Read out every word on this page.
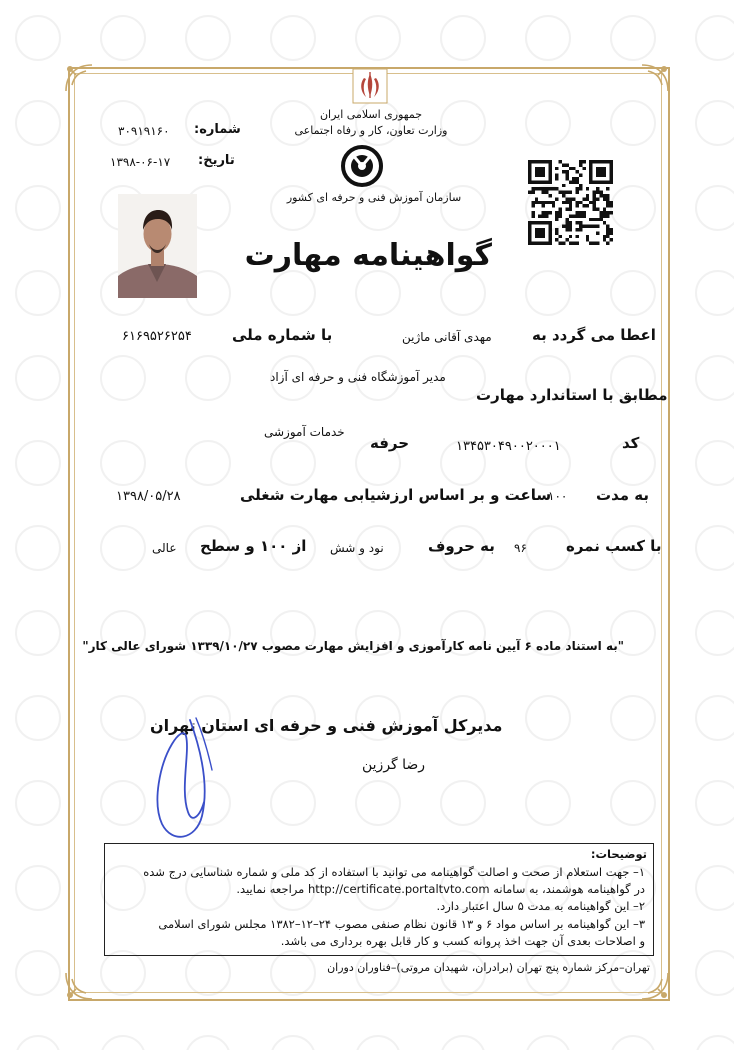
جمهوری اسلامی ایران
وزارت تعاون، کار و رفاه اجتماعی
سازمان آموزش فنی و حرفه ای کشور
شماره:
۳۰۹۱۹۱۶۰
تاریخ:
۱۳۹۸-۰۶-۱۷
گواهینامه مهارت
اعطا می گردد به
مهدی آقانی ماژین
با شماره ملی
۶۱۶۹۵۲۶۲۵۴
مطابق با استاندارد مهارت
مدیر آموزشگاه فنی و حرفه ای آزاد
کد
۱۳۴۵۳۰۴۹۰۰۲۰۰۰۱
حرفه
خدمات آموزشی
به مدت
۱۰۰
ساعت و بر اساس ارزشیابی مهارت شغلی
۱۳۹۸/۰۵/۲۸
با کسب نمره
۹۶
به حروف
نود و شش
از ۱۰۰ و سطح
عالی
"به استناد ماده ۶ آیین نامه کارآموزی و افزایش مهارت مصوب ۱۳۳۹/۱۰/۲۷ شورای عالی کار"
مدیرکل آموزش فنی و حرفه ای استان تهران
رضا گرزین
توضیحات:
۱– جهت استعلام از صحت و اصالت گواهینامه می توانید با استفاده از کد ملی و شماره شناسایی درج شده
در گواهینامه هوشمند، به سامانه http://certificate.portaltvto.com مراجعه نمایید.
۲– این گواهینامه به مدت ۵ سال اعتبار دارد.
۳– این گواهینامه بر اساس مواد ۶ و ۱۳ قانون نظام صنفی مصوب ۲۴–۱۲–۱۳۸۲ مجلس شورای اسلامی
و اصلاحات بعدی آن جهت اخذ پروانه کسب و کار قابل بهره برداری می باشد.
تهران–مرکز شماره پنج تهران (برادران، شهیدان مروتی)–فناوران دوران
